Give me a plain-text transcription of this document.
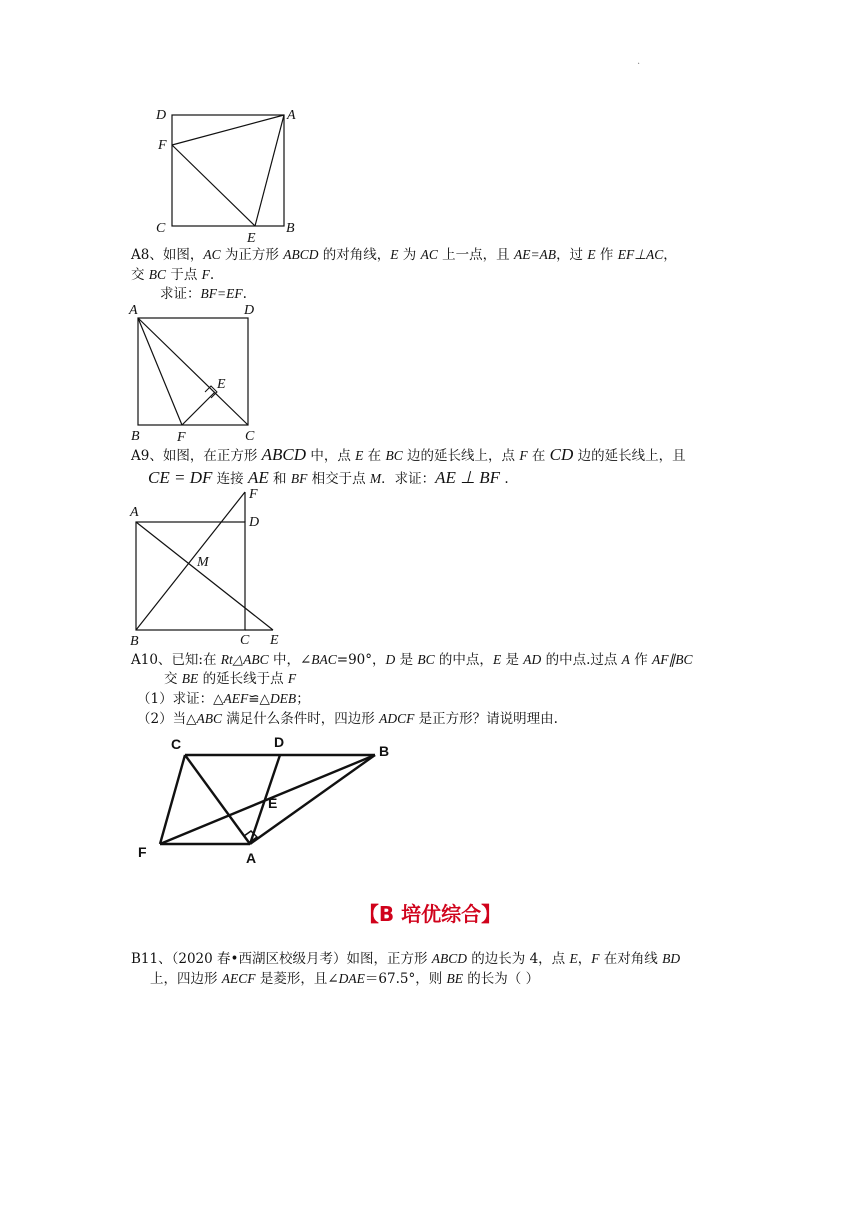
.
D	A
F
C
E
B
A8、如图，AC 为正方形 ABCD 的对角线，E 为 AC 上一点，且 AE=AB，过 E 作 EF⊥AC，
交 BC 于点 F.
求证：BF=EF.
A	D
E
B	F	C
A9、如图，在正方形 ABCD 中，点 E 在 BC 边的延长线上，点 F 在 CD 边的延长线上，且
CE = DF 连接 AE 和 BF 相交于点 M．求证：AE ⊥ BF .
F
A
D
M
B	C E
A10、已知:在 Rt△ABC 中，∠BAC=90°，D 是 BC 的中点，E 是 AD 的中点.过点 A 作 AF∥BC
交 BE 的延长线于点 F
（1）求证：△AEF≌△DEB；
（2）当△ABC 满足什么条件时，四边形 ADCF 是正方形？请说明理由.
C	D
B
E
F	A
【B 培优综合】
B11、（2020 春•西湖区校级月考）如图，正方形 ABCD 的边长为 4，点 E，F 在对角线 BD
上，四边形 AECF 是菱形，且∠DAE＝67.5°，则 BE 的长为（ ）
